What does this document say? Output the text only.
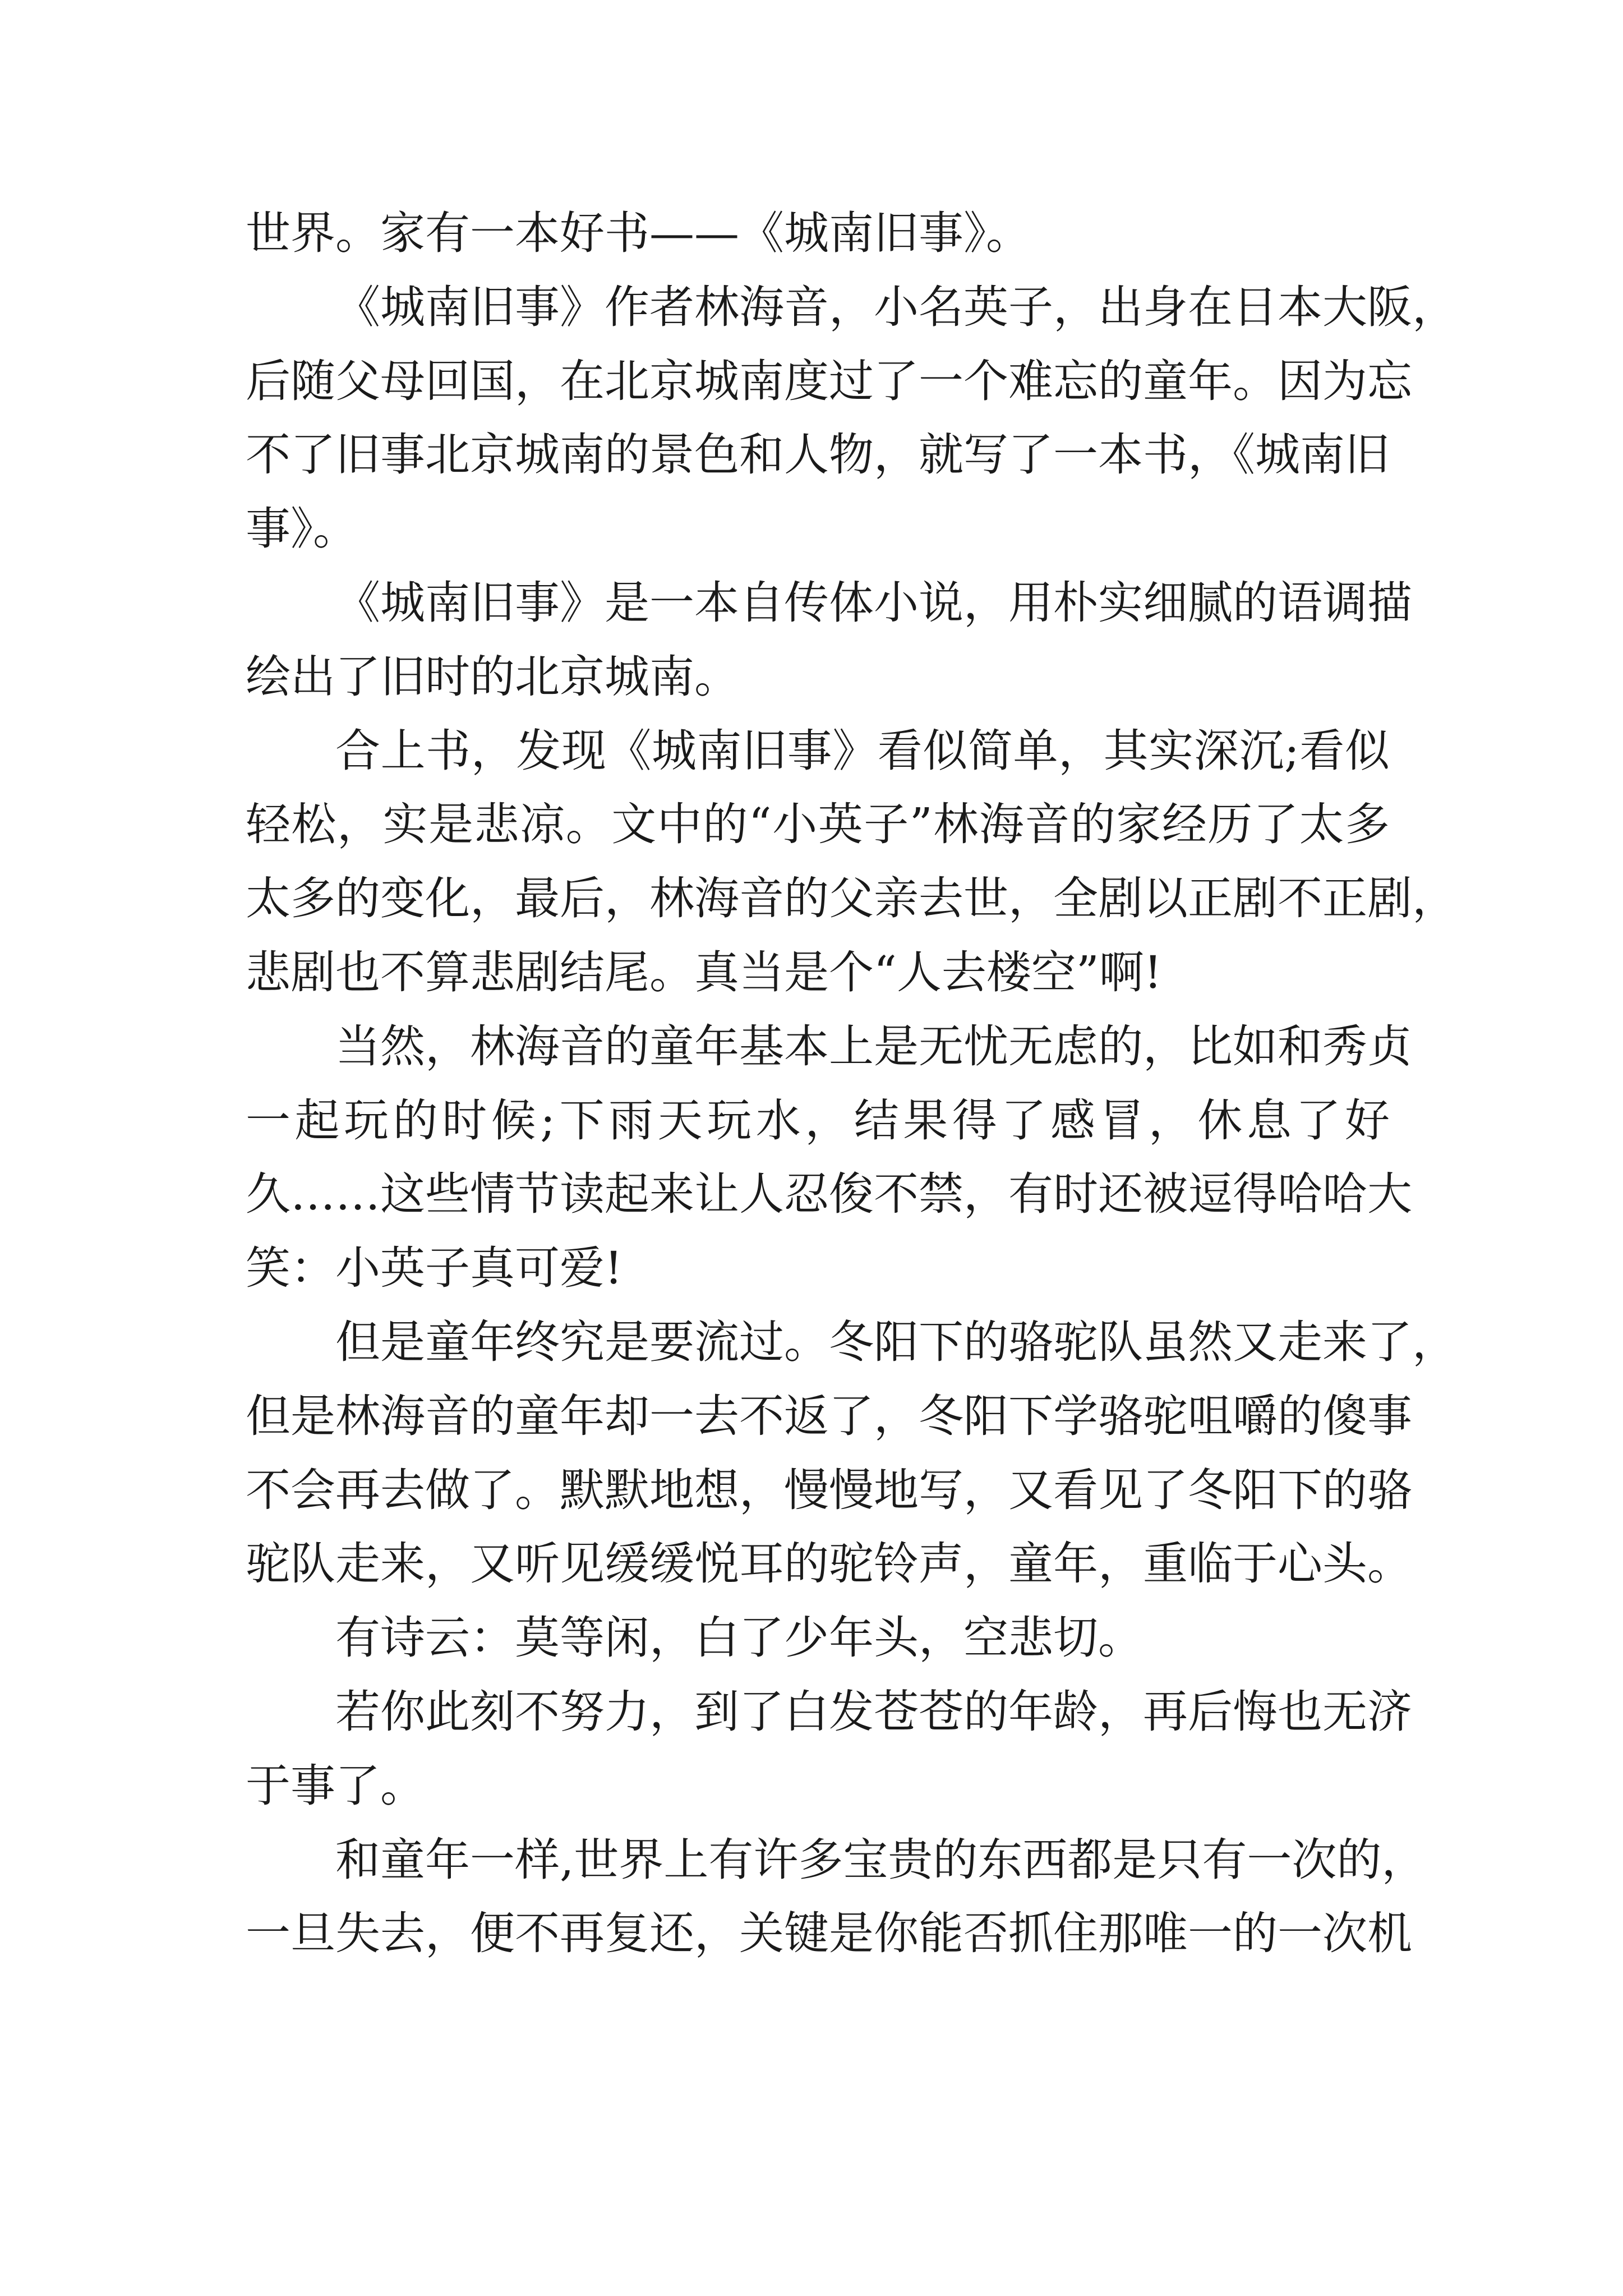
世界。家有一本好书——《城南旧事》。
《城南旧事》作者林海音，小名英子，出身在日本大阪，
后随父母回国，在北京城南度过了一个难忘的童年。因为忘
不了旧事北京城南的景色和人物，就写了一本书，《城南旧
事》。
《城南旧事》是一本自传体小说，用朴实细腻的语调描
绘出了旧时的北京城南。
合上书，发现《城南旧事》看似简单，其实深沉;看似
轻松，实是悲凉。文中的“小英子”林海音的家经历了太多
太多的变化，最后，林海音的父亲去世，全剧以正剧不正剧，
悲剧也不算悲剧结尾。真当是个“人去楼空”啊!
当然，林海音的童年基本上是无忧无虑的，比如和秀贞
一起玩的时候;下雨天玩水，结果得了感冒，休息了好
久……这些情节读起来让人忍俊不禁，有时还被逗得哈哈大
笑：小英子真可爱!
但是童年终究是要流过。冬阳下的骆驼队虽然又走来了，
但是林海音的童年却一去不返了，冬阳下学骆驼咀嚼的傻事
不会再去做了。默默地想，慢慢地写，又看见了冬阳下的骆
驼队走来，又听见缓缓悦耳的驼铃声，童年，重临于心头。
有诗云：莫等闲，白了少年头，空悲切。
若你此刻不努力，到了白发苍苍的年龄，再后悔也无济
于事了。
和童年一样,世界上有许多宝贵的东西都是只有一次的，
一旦失去，便不再复还，关键是你能否抓住那唯一的一次机
